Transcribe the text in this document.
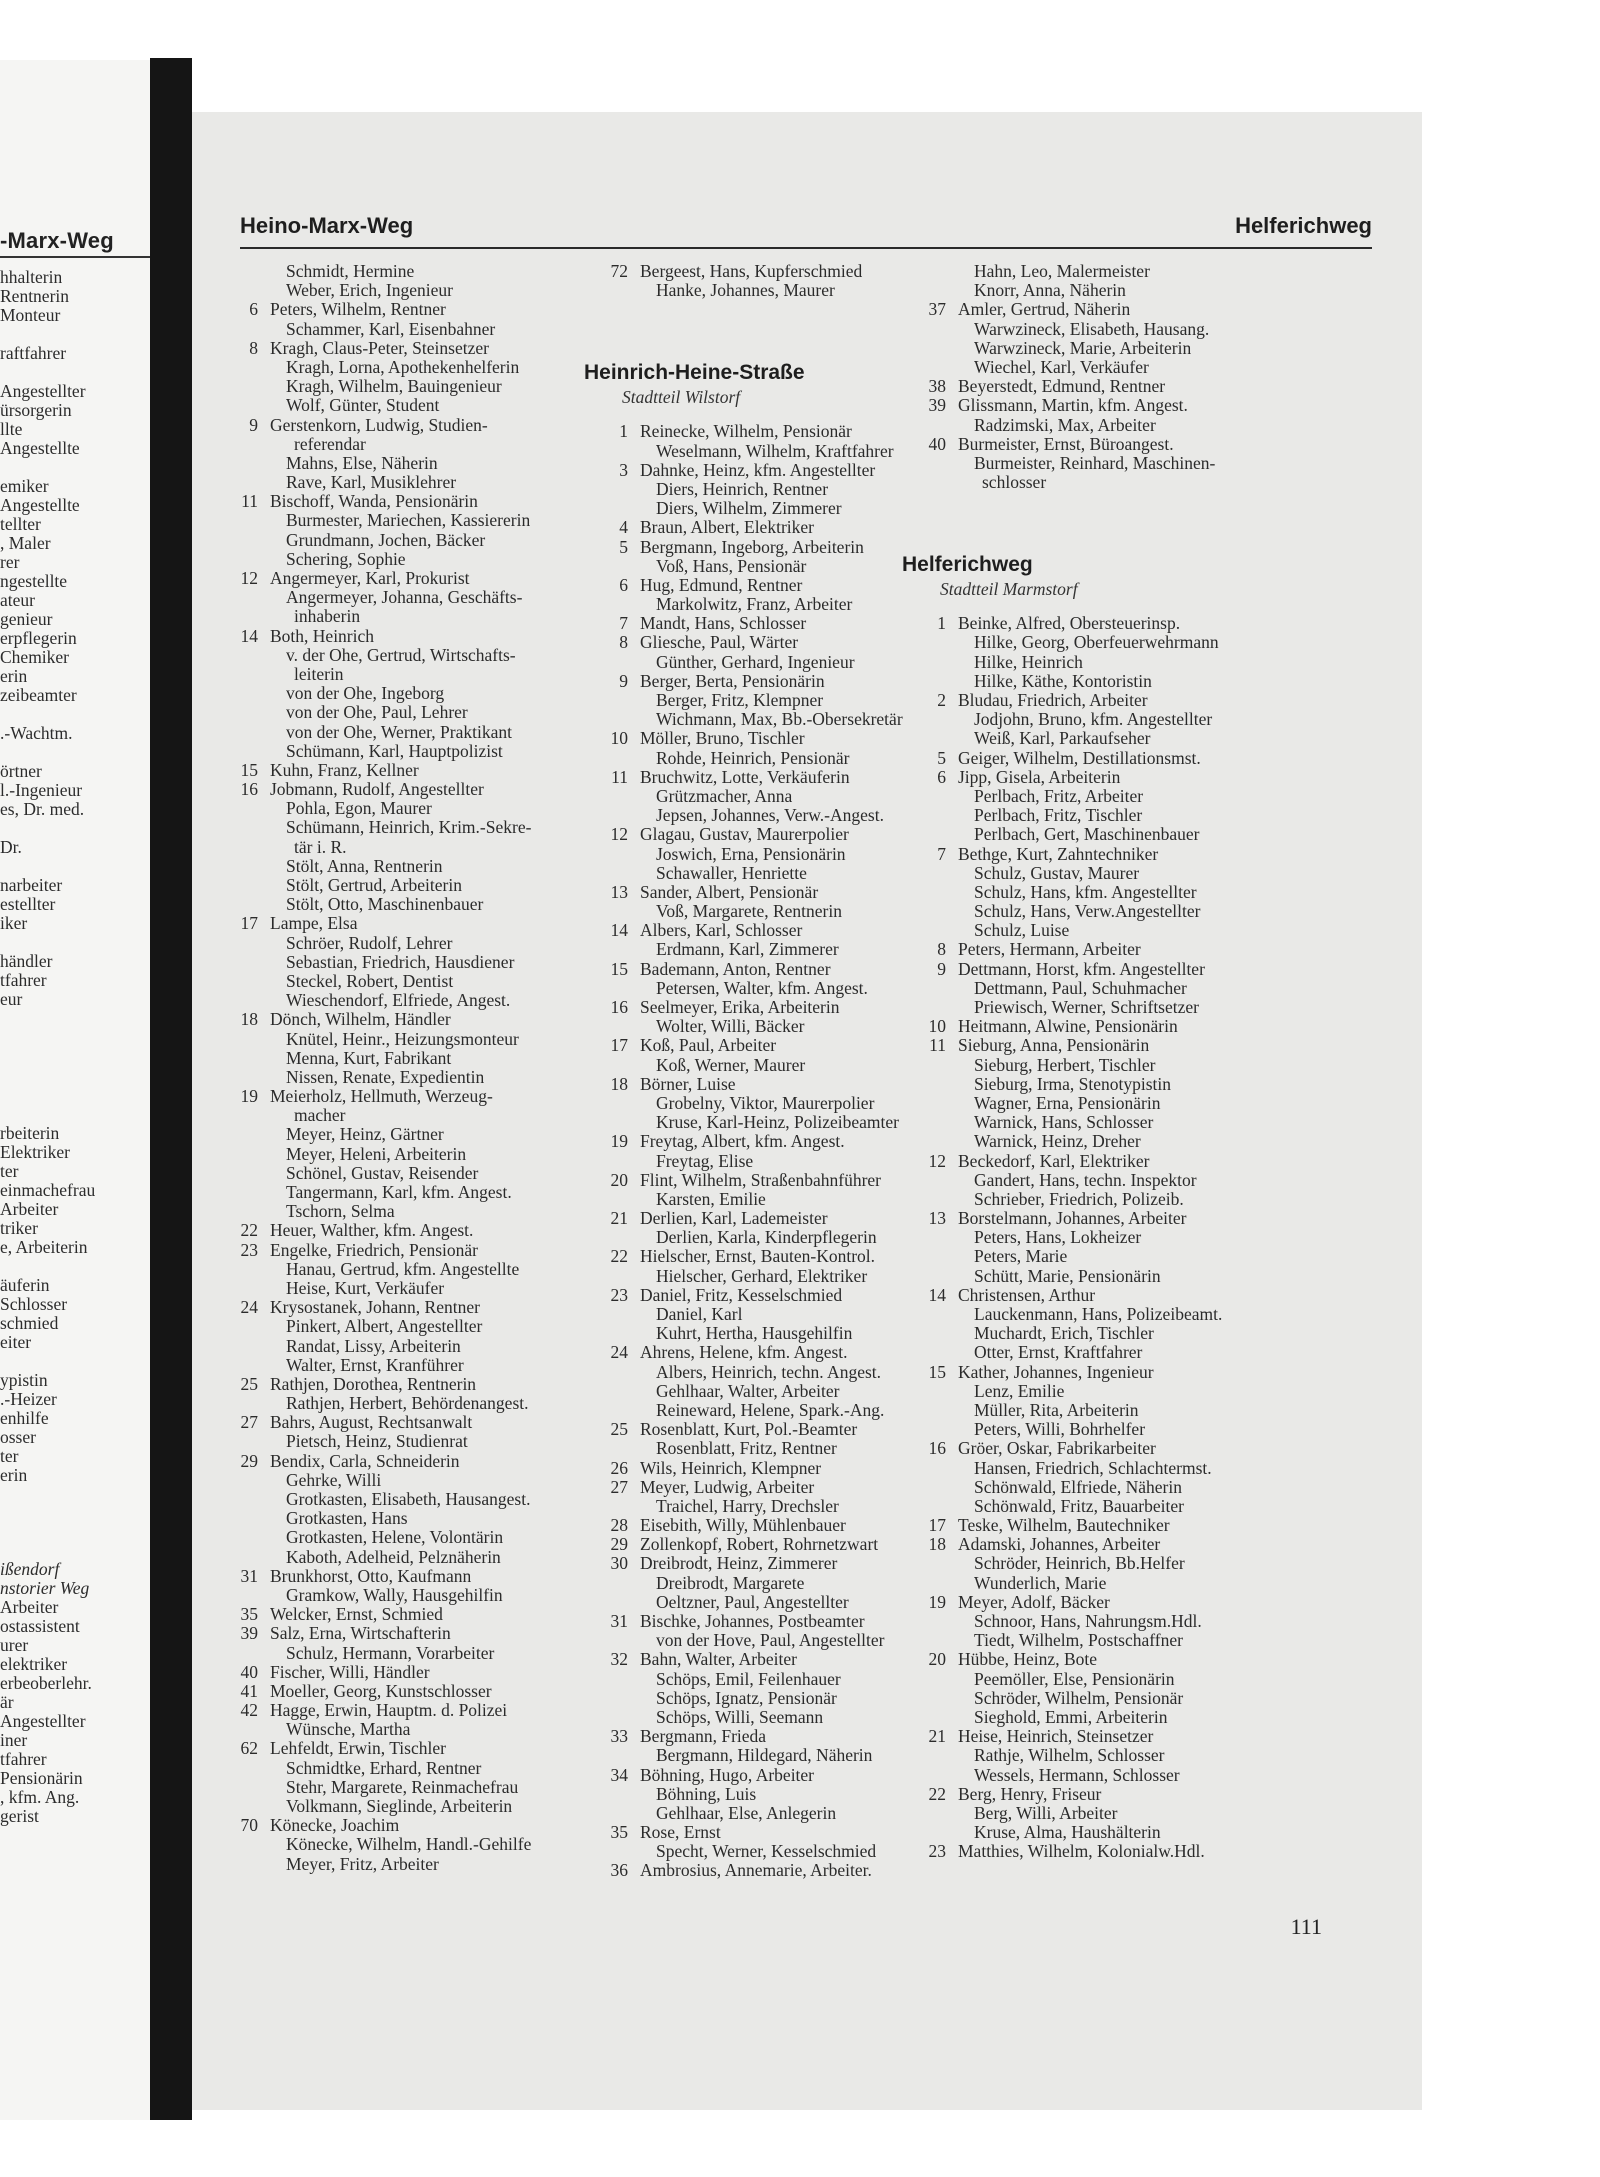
-Marx-Weg
hhalterin
Rentnerin
Monteur
raftfahrer
Angestellter
ürsorgerin
llte
Angestellte
emiker
Angestellte
tellter
, Maler
rer
ngestellte
ateur
genieur
erpflegerin
Chemiker
erin
zeibeamter
.-Wachtm.
örtner
l.-Ingenieur
es, Dr. med.
Dr.
narbeiter
estellter
iker
händler
tfahrer
eur
rbeiterin
Elektriker
ter
einmachefrau
Arbeiter
triker
e, Arbeiterin
äuferin
Schlosser
schmied
eiter
ypistin
.-Heizer
enhilfe
osser
ter
erin
ißendorf
nstorier Weg
Arbeiter
ostassistent
urer
elektriker
erbeoberlehr.
är
Angestellter
iner
tfahrer
Pensionärin
, kfm. Ang.
gerist
Heino-Marx-Weg	Helferichweg
Schmidt, Hermine
Weber, Erich, Ingenieur
6 Peters, Wilhelm, Rentner
Schammer, Karl, Eisenbahner
8 Kragh, Claus-Peter, Steinsetzer
Kragh, Lorna, Apothekenhelferin
Kragh, Wilhelm, Bauingenieur
Wolf, Günter, Student
9 Gerstenkorn, Ludwig, Studien-
referendar
Mahns, Else, Näherin
Rave, Karl, Musiklehrer
11 Bischoff, Wanda, Pensionärin
Burmester, Mariechen, Kassiererin
Grundmann, Jochen, Bäcker
Schering, Sophie
12 Angermeyer, Karl, Prokurist
Angermeyer, Johanna, Geschäfts-
inhaberin
14 Both, Heinrich
v. der Ohe, Gertrud, Wirtschafts-
leiterin
von der Ohe, Ingeborg
von der Ohe, Paul, Lehrer
von der Ohe, Werner, Praktikant
Schümann, Karl, Hauptpolizist
15 Kuhn, Franz, Kellner
16 Jobmann, Rudolf, Angestellter
Pohla, Egon, Maurer
Schümann, Heinrich, Krim.-Sekre-
tär i. R.
Stölt, Anna, Rentnerin
Stölt, Gertrud, Arbeiterin
Stölt, Otto, Maschinenbauer
17 Lampe, Elsa
Schröer, Rudolf, Lehrer
Sebastian, Friedrich, Hausdiener
Steckel, Robert, Dentist
Wieschendorf, Elfriede, Angest.
18 Dönch, Wilhelm, Händler
Knütel, Heinr., Heizungsmonteur
Menna, Kurt, Fabrikant
Nissen, Renate, Expedientin
19 Meierholz, Hellmuth, Werzeug-
macher
Meyer, Heinz, Gärtner
Meyer, Heleni, Arbeiterin
Schönel, Gustav, Reisender
Tangermann, Karl, kfm. Angest.
Tschorn, Selma
22 Heuer, Walther, kfm. Angest.
23 Engelke, Friedrich, Pensionär
Hanau, Gertrud, kfm. Angestellte
Heise, Kurt, Verkäufer
24 Krysostanek, Johann, Rentner
Pinkert, Albert, Angestellter
Randat, Lissy, Arbeiterin
Walter, Ernst, Kranführer
25 Rathjen, Dorothea, Rentnerin
Rathjen, Herbert, Behördenangest.
27 Bahrs, August, Rechtsanwalt
Pietsch, Heinz, Studienrat
29 Bendix, Carla, Schneiderin
Gehrke, Willi
Grotkasten, Elisabeth, Hausangest.
Grotkasten, Hans
Grotkasten, Helene, Volontärin
Kaboth, Adelheid, Pelznäherin
31 Brunkhorst, Otto, Kaufmann
Gramkow, Wally, Hausgehilfin
35 Welcker, Ernst, Schmied
39 Salz, Erna, Wirtschafterin
Schulz, Hermann, Vorarbeiter
40 Fischer, Willi, Händler
41 Moeller, Georg, Kunstschlosser
42 Hagge, Erwin, Hauptm. d. Polizei
Wünsche, Martha
62 Lehfeldt, Erwin, Tischler
Schmidtke, Erhard, Rentner
Stehr, Margarete, Reinmachefrau
Volkmann, Sieglinde, Arbeiterin
70 Könecke, Joachim
Könecke, Wilhelm, Handl.-Gehilfe
Meyer, Fritz, Arbeiter
72 Bergeest, Hans, Kupferschmied
Hanke, Johannes, Maurer
Heinrich-Heine-Straße
Stadtteil Wilstorf
1 Reinecke, Wilhelm, Pensionär
Weselmann, Wilhelm, Kraftfahrer
3 Dahnke, Heinz, kfm. Angestellter
Diers, Heinrich, Rentner
Diers, Wilhelm, Zimmerer
4 Braun, Albert, Elektriker
5 Bergmann, Ingeborg, Arbeiterin
Voß, Hans, Pensionär
6 Hug, Edmund, Rentner
Markolwitz, Franz, Arbeiter
7 Mandt, Hans, Schlosser
8 Gliesche, Paul, Wärter
Günther, Gerhard, Ingenieur
9 Berger, Berta, Pensionärin
Berger, Fritz, Klempner
Wichmann, Max, Bb.-Obersekretär
10 Möller, Bruno, Tischler
Rohde, Heinrich, Pensionär
11 Bruchwitz, Lotte, Verkäuferin
Grützmacher, Anna
Jepsen, Johannes, Verw.-Angest.
12 Glagau, Gustav, Maurerpolier
Joswich, Erna, Pensionärin
Schawaller, Henriette
13 Sander, Albert, Pensionär
Voß, Margarete, Rentnerin
14 Albers, Karl, Schlosser
Erdmann, Karl, Zimmerer
15 Bademann, Anton, Rentner
Petersen, Walter, kfm. Angest.
16 Seelmeyer, Erika, Arbeiterin
Wolter, Willi, Bäcker
17 Koß, Paul, Arbeiter
Koß, Werner, Maurer
18 Börner, Luise
Grobelny, Viktor, Maurerpolier
Kruse, Karl-Heinz, Polizeibeamter
19 Freytag, Albert, kfm. Angest.
Freytag, Elise
20 Flint, Wilhelm, Straßenbahnführer
Karsten, Emilie
21 Derlien, Karl, Lademeister
Derlien, Karla, Kinderpflegerin
22 Hielscher, Ernst, Bauten-Kontrol.
Hielscher, Gerhard, Elektriker
23 Daniel, Fritz, Kesselschmied
Daniel, Karl
Kuhrt, Hertha, Hausgehilfin
24 Ahrens, Helene, kfm. Angest.
Albers, Heinrich, techn. Angest.
Gehlhaar, Walter, Arbeiter
Reineward, Helene, Spark.-Ang.
25 Rosenblatt, Kurt, Pol.-Beamter
Rosenblatt, Fritz, Rentner
26 Wils, Heinrich, Klempner
27 Meyer, Ludwig, Arbeiter
Traichel, Harry, Drechsler
28 Eisebith, Willy, Mühlenbauer
29 Zollenkopf, Robert, Rohrnetzwart
30 Dreibrodt, Heinz, Zimmerer
Dreibrodt, Margarete
Oeltzner, Paul, Angestellter
31 Bischke, Johannes, Postbeamter
von der Hove, Paul, Angestellter
32 Bahn, Walter, Arbeiter
Schöps, Emil, Feilenhauer
Schöps, Ignatz, Pensionär
Schöps, Willi, Seemann
33 Bergmann, Frieda
Bergmann, Hildegard, Näherin
34 Böhning, Hugo, Arbeiter
Böhning, Luis
Gehlhaar, Else, Anlegerin
35 Rose, Ernst
Specht, Werner, Kesselschmied
36 Ambrosius, Annemarie, Arbeiter.
Hahn, Leo, Malermeister
Knorr, Anna, Näherin
37 Amler, Gertrud, Näherin
Warwzineck, Elisabeth, Hausang.
Warwzineck, Marie, Arbeiterin
Wiechel, Karl, Verkäufer
38 Beyerstedt, Edmund, Rentner
39 Glissmann, Martin, kfm. Angest.
Radzimski, Max, Arbeiter
40 Burmeister, Ernst, Büroangest.
Burmeister, Reinhard, Maschinen-
schlosser
Helferichweg
Stadtteil Marmstorf
1 Beinke, Alfred, Obersteuerinsp.
Hilke, Georg, Oberfeuerwehrmann
Hilke, Heinrich
Hilke, Käthe, Kontoristin
2 Bludau, Friedrich, Arbeiter
Jodjohn, Bruno, kfm. Angestellter
Weiß, Karl, Parkaufseher
5 Geiger, Wilhelm, Destillationsmst.
6 Jipp, Gisela, Arbeiterin
Perlbach, Fritz, Arbeiter
Perlbach, Fritz, Tischler
Perlbach, Gert, Maschinenbauer
7 Bethge, Kurt, Zahntechniker
Schulz, Gustav, Maurer
Schulz, Hans, kfm. Angestellter
Schulz, Hans, Verw.Angestellter
Schulz, Luise
8 Peters, Hermann, Arbeiter
9 Dettmann, Horst, kfm. Angestellter
Dettmann, Paul, Schuhmacher
Priewisch, Werner, Schriftsetzer
10 Heitmann, Alwine, Pensionärin
11 Sieburg, Anna, Pensionärin
Sieburg, Herbert, Tischler
Sieburg, Irma, Stenotypistin
Wagner, Erna, Pensionärin
Warnick, Hans, Schlosser
Warnick, Heinz, Dreher
12 Beckedorf, Karl, Elektriker
Gandert, Hans, techn. Inspektor
Schrieber, Friedrich, Polizeib.
13 Borstelmann, Johannes, Arbeiter
Peters, Hans, Lokheizer
Peters, Marie
Schütt, Marie, Pensionärin
14 Christensen, Arthur
Lauckenmann, Hans, Polizeibeamt.
Muchardt, Erich, Tischler
Otter, Ernst, Kraftfahrer
15 Kather, Johannes, Ingenieur
Lenz, Emilie
Müller, Rita, Arbeiterin
Peters, Willi, Bohrhelfer
16 Gröer, Oskar, Fabrikarbeiter
Hansen, Friedrich, Schlachtermst.
Schönwald, Elfriede, Näherin
Schönwald, Fritz, Bauarbeiter
17 Teske, Wilhelm, Bautechniker
18 Adamski, Johannes, Arbeiter
Schröder, Heinrich, Bb.Helfer
Wunderlich, Marie
19 Meyer, Adolf, Bäcker
Schnoor, Hans, Nahrungsm.Hdl.
Tiedt, Wilhelm, Postschaffner
20 Hübbe, Heinz, Bote
Peemöller, Else, Pensionärin
Schröder, Wilhelm, Pensionär
Sieghold, Emmi, Arbeiterin
21 Heise, Heinrich, Steinsetzer
Rathje, Wilhelm, Schlosser
Wessels, Hermann, Schlosser
22 Berg, Henry, Friseur
Berg, Willi, Arbeiter
Kruse, Alma, Haushälterin
23 Matthies, Wilhelm, Kolonialw.Hdl.
111
